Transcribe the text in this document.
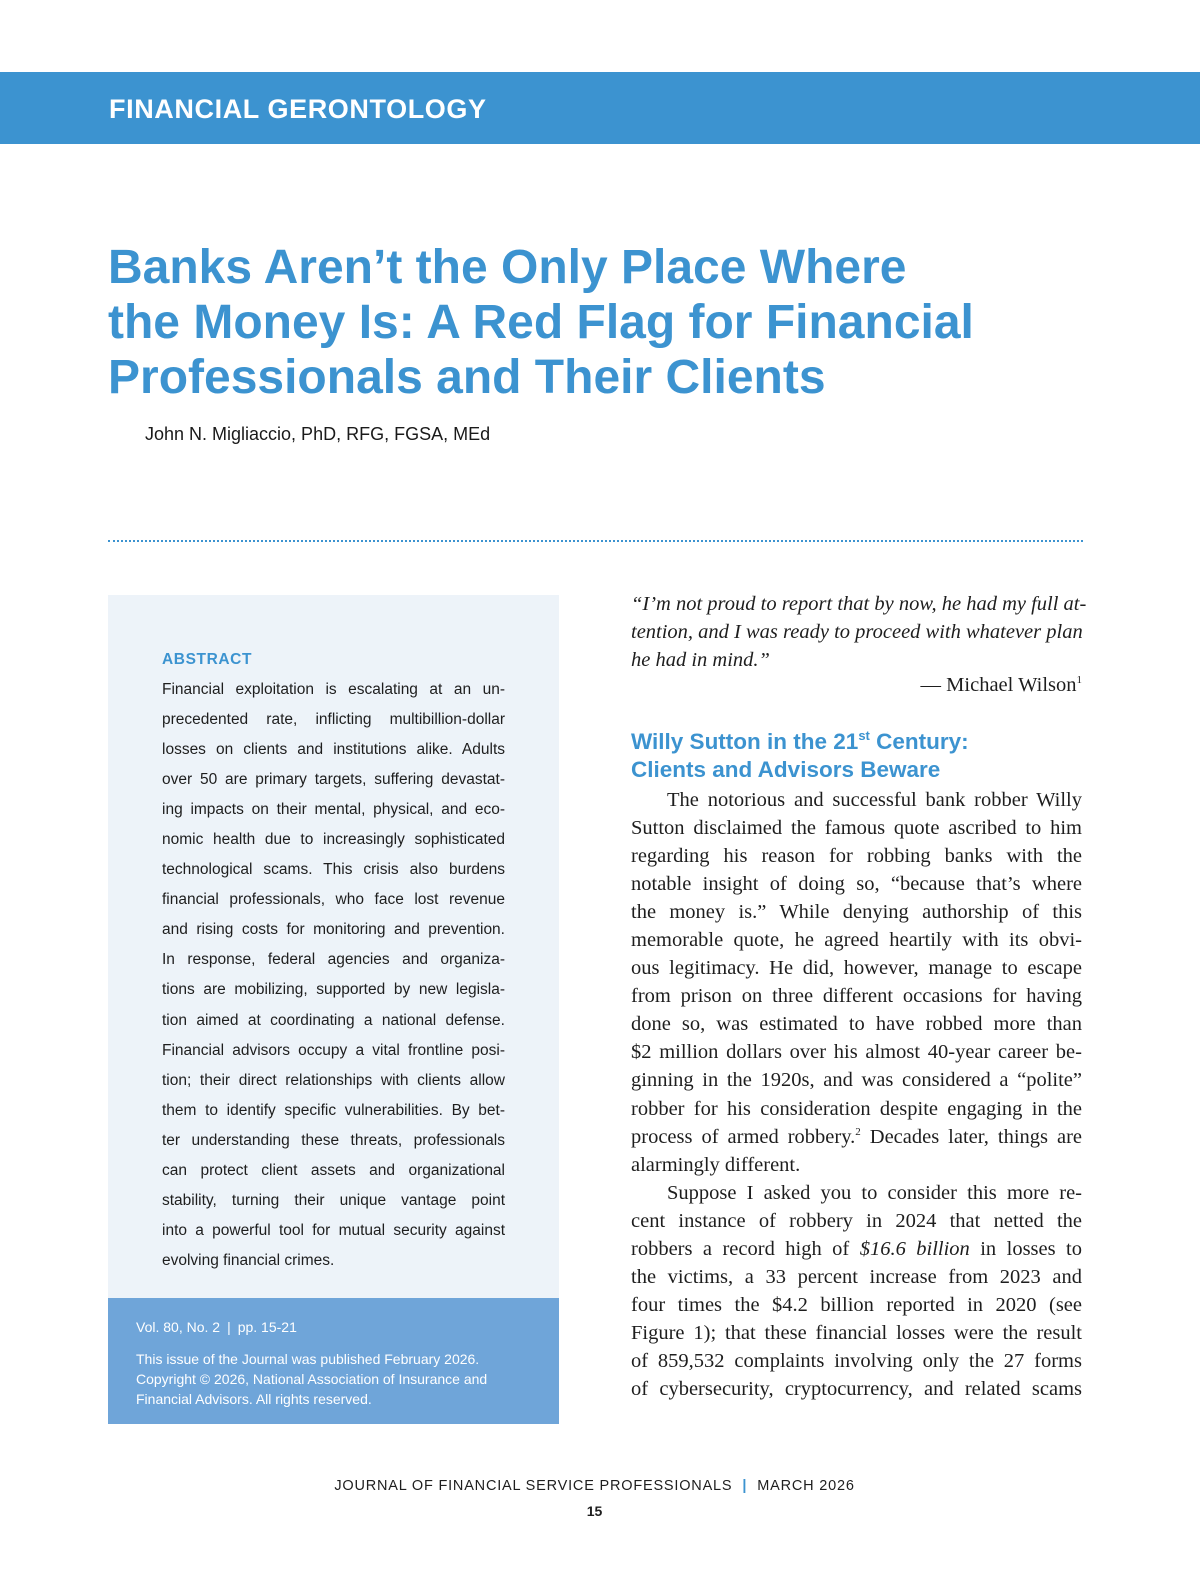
FINANCIAL GERONTOLOGY
Banks Aren’t the Only Place Where
the Money Is: A Red Flag for Financial
Professionals and Their Clients
John N. Migliaccio, PhD, RFG, FGSA, MEd
ABSTRACT
Financial exploitation is escalating at an un-
precedented rate, inflicting multibillion-dollar
losses on clients and institutions alike. Adults
over 50 are primary targets, suffering devastat-
ing impacts on their mental, physical, and eco-
nomic health due to increasingly sophisticated
technological scams. This crisis also burdens
financial professionals, who face lost revenue
and rising costs for monitoring and prevention.
In response, federal agencies and organiza-
tions are mobilizing, supported by new legisla-
tion aimed at coordinating a national defense.
Financial advisors occupy a vital frontline posi-
tion; their direct relationships with clients allow
them to identify specific vulnerabilities. By bet-
ter understanding these threats, professionals
can protect client assets and organizational
stability, turning their unique vantage point
into a powerful tool for mutual security against
evolving financial crimes.
Vol. 80, No. 2 | pp. 15-21
This issue of the Journal was published February 2026.
Copyright © 2026, National Association of Insurance and
Financial Advisors. All rights reserved.
“I’m not proud to report that by now, he had my full at-
tention, and I was ready to proceed with whatever plan
he had in mind.”
— Michael Wilson$^1$
Willy Sutton in the 21st Century:
Clients and Advisors Beware
The notorious and successful bank robber Willy
Sutton disclaimed the famous quote ascribed to him
regarding his reason for robbing banks with the
notable insight of doing so, “because that’s where
the money is.” While denying authorship of this
memorable quote, he agreed heartily with its obvi-
ous legitimacy. He did, however, manage to escape
from prison on three different occasions for having
done so, was estimated to have robbed more than
$2 million dollars over his almost 40-year career be-
ginning in the 1920s, and was considered a “polite”
robber for his consideration despite engaging in the
process of armed robbery.$^2$ Decades later, things are
alarmingly different.
Suppose I asked you to consider this more re-
cent instance of robbery in 2024 that netted the
robbers a record high of $16.6 billion in losses to
the victims, a 33 percent increase from 2023 and
four times the $4.2 billion reported in 2020 (see
Figure 1); that these financial losses were the result
of 859,532 complaints involving only the 27 forms
of cybersecurity, cryptocurrency, and related scams
JOURNAL OF FINANCIAL SERVICE PROFESSIONALS | MARCH 2026
15
